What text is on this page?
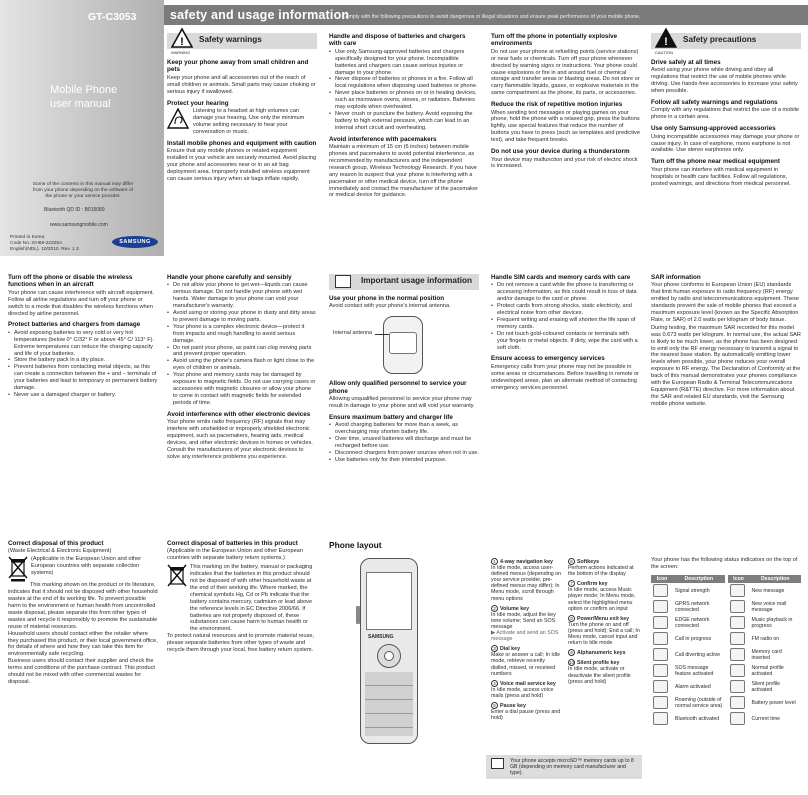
GT-C3053
Mobile Phone
user manual
Some of the contents in this manual may differ
from your phone depending on the software of
the phone or your service provider.
Bluetooth QD ID : B015089
www.samsungmobile.com
Printed in Korea
Code No.:GH68-22326A
English(NDL). 10/2010. Rev. 1.3
SAMSUNG
safety and usage information
Comply with the following precautions to avoid dangerous or illegal situations and ensure peak performance of your mobile phone.
! Safety warnings
WARNING
Keep your phone away from small children and pets

Keep your phone and all accessories out of the reach of small children or animals. Small parts may cause choking or serious injury if swallowed.

Protect your hearing

Listening to a headset at high volumes can damage your hearing. Use only the minimum volume setting necessary to hear your conversation or music.

Install mobile phones and equipment with caution

Ensure that any mobile phones or related equipment installed in your vehicle are securely mounted. Avoid placing your phone and accessories near or in an air bag deployment area. Improperly installed wireless equipment can cause serious injury when air bags inflate rapidly.

Handle and dispose of batteries and chargers with care
• Use only Samsung-approved batteries and chargers specifically designed for your phone. Incompatible batteries and chargers can cause serious injuries or damage to your phone.
• Never dispose of batteries or phones in a fire. Follow all local regulations when disposing used batteries or phone.
• Never place batteries or phones on or in heating devices, such as microwave ovens, stoves, or radiators. Batteries may explode when overheated.
• Never crush or puncture the battery. Avoid exposing the battery to high external pressure, which can lead to an internal short circuit and overheating.
Avoid interference with pacemakers

Maintain a minimum of 15 cm (6 inches) between mobile phones and pacemakers to avoid potential interference, as recommended by manufacturers and the independent research group, Wireless Technology Research. If you have any reason to suspect that your phone is interfering with a pacemaker or other medical device, turn off the phone immediately and contact the manufacturer of the pacemaker or medical device for guidance.

Turn off the phone in potentially explosive environments

Do not use your phone at refuelling points (service stations) or near fuels or chemicals. Turn off your phone whenever directed by warning signs or instructions. Your phone could cause explosions or fire in and around fuel or chemical storage and transfer areas or blasting areas. Do not store or carry flammable liquids, gases, or explosive materials in the same compartment as the phone, its parts, or accessories.

Reduce the risk of repetitive motion injuries

When sending text messages or playing games on your phone, hold the phone with a relaxed grip, press the buttons lightly, use special features that reduce the number of buttons you have to press (such as templates and predictive text), and take frequent breaks.

Do not use your device during a thunderstorm

Your device may malfunction and your risk of electric shock is increased.

! Safety precautions
CAUTION
Drive safely at all times

Avoid using your phone while driving and obey all regulations that restrict the use of mobile phones while driving. Use hands-free accessories to increase your safety when possible.

Follow all safety warnings and regulations

Comply with any regulations that restrict the use of a mobile phone in a certain area.

Use only Samsung-approved accessories

Using incompatible accessories may damage your phone or cause injury. In case of earphone, mono earphone is not available. Use stereo earphones only.

Turn off the phone near medical equipment

Your phone can interfere with medical equipment in hospitals or health care facilities. Follow all regulations, posted warnings, and directions from medical personnel.

Turn off the phone or disable the wireless functions when in an aircraft

Your phone can cause interference with aircraft equipment. Follow all airline regulations and turn off your phone or switch to a mode that disables the wireless functions when directed by airline personnel.

Protect batteries and chargers from damage
• Avoid exposing batteries to very cold or very hot temperatures (below 0° C/32° F or above 45° C/ 113° F). Extreme temperatures can reduce the charging capacity and life of your batteries.
• Store the battery pack in a dry place.
• Prevent batteries from contacting metal objects, as this can create a connection between the + and – terminals of your batteries and lead to temporary or permanent battery damage.
• Never use a damaged charger or battery.
Handle your phone carefully and sensibly
• Do not allow your phone to get wet—liquids can cause serious damage. Do not handle your phone with wet hands. Water damage to your phone can void your manufacturer's warranty.
• Avoid using or storing your phone in dusty and dirty areas to prevent damage to moving parts.
• Your phone is a complex electronic device—protect it from impacts and rough handling to avoid serious damage.
• Do not paint your phone, as paint can clog moving parts and prevent proper operation.
• Avoid using the phone's camera flash or light close to the eyes of children or animals.
• Your phone and memory cards may be damaged by exposure to magnetic fields. Do not use carrying cases or accessories with magnetic closures or allow your phone to come in contact with magnetic fields for extended periods of time.
Avoid interference with other electronic devices

Your phone emits radio frequency (RF) signals that may interfere with unshielded or improperly shielded electronic equipment, such as pacemakers, hearing aids, medical devices, and other electronic devices in homes or vehicles. Consult the manufacturers of your electronic devices to solve any interference problems you experience.

Important usage information
Use your phone in the normal position

Avoid contact with your phone's internal antenna.

Internal antenna
Allow only qualified personnel to service your phone

Allowing unqualified personnel to service your phone may result in damage to your phone and will void your warranty.

Ensure maximum battery and charger life
• Avoid charging batteries for more than a week, as overcharging may shorten battery life.
• Over time, unused batteries will discharge and must be recharged before use.
• Disconnect chargers from power sources when not in use.
• Use batteries only for their intended purpose.
Handle SIM cards and memory cards with care
• Do not remove a card while the phone is transferring or accessing information, as this could result in loss of data and/or damage to the card or phone.
• Protect cards from strong shocks, static electricity, and electrical noise from other devices.
• Frequent writing and erasing will shorten the life span of memory cards.
• Do not touch gold-coloured contacts or terminals with your fingers or metal objects. If dirty, wipe the card with a soft cloth.
Ensure access to emergency services

Emergency calls from your phone may not be possible in some areas or circumstances. Before travelling in remote or undeveloped areas, plan an alternate method of contacting emergency services personnel.

SAR information

Your phone conforms to European Union (EU) standards that limit human exposure to radio frequency (RF) energy emitted by radio and telecommunications equipment. These standards prevent the sale of mobile phones that exceed a maximum exposure level (known as the Specific Absorption Rate, or SAR) of 2.0 watts per kilogram of body tissue.

During testing, the maximum SAR recorded for this model was 0.673 watts per kilogram. In normal use, the actual SAR is likely to be much lower, as the phone has been designed to emit only the RF energy necessary to transmit a signal to the nearest base station. By automatically emitting lower levels when possible, your phone reduces your overall exposure to RF energy. The Declaration of Conformity at the back of this manual demonstrates your phones compliance with the European Radio & Terminal Telecommunications Equipment (R&TTE) directive. For more information about the SAR and related EU standards, visit the Samsung mobile phone website.

Correct disposal of this product

(Waste Electrical & Electronic Equipment)

(Applicable in the European Union and other European countries with separate collection systems)

This marking shown on the product or its literature, indicates that it should not be disposed with other household wastes at the end of its working life. To prevent possible harm to the environment or human health from uncontrolled waste disposal, please separate this from other types of wastes and recycle it responsibly to promote the sustainable reuse of material resources.

Household users should contact either the retailer where they purchased this product, or their local government office, for details of where and how they can take this item for environmentally safe recycling.

Business users should contact their supplier and check the terms and conditions of the purchase contract. This product should not be mixed with other commercial wastes for disposal.

Correct disposal of batteries in this product

(Applicable in the European Union and other European countries with separate battery return systems.)

This marking on the battery, manual or packaging indicates that the batteries in this product should not be disposed of with other household waste at the end of their working life. Where marked, the chemical symbols Hg, Cd or Pb indicate that the battery contains mercury, cadmium or lead above the reference levels in EC Directive 2006/66. If batteries are not properly disposed of, these substances can cause harm to human health or the environment.

To protect natural resources and to promote material reuse, please separate batteries from other types of waste and recycle them through your local, free battery return system.

Phone layout
SAMSUNG
1 4-way navigation key
In Idle mode, access user-defined menus (depending on your service provider, pre-defined menus may differ); In Menu mode, scroll through menu options
2 Volume key
In Idle mode, adjust the key tone volume; Send an SOS message
▶ Activate and send an SOS message
3 Dial key
Make or answer a call; In Idle mode, retrieve recently dialled, missed, or received numbers
4 Voice mail service key
In Idle mode, access voice mails (press and hold)
5 Pause key
Enter a dial pause (press and hold)
6 Softkeys
Perform actions indicated at the bottom of the display
7 Confirm key
In Idle mode, access Music player mode; In Menu mode, select the highlighted menu option or confirm an input
8 Power/Menu exit key
Turn the phone on and off (press and hold); End a call; In Menu mode, cancel input and return to Idle mode
9 Alphanumeric keys
10 Silent profile key
In Idle mode, activate or deactivate the silent profile (press and hold)
Your phone accepts microSD™ memory cards up to 8 GB (depending on memory card manufacturer and type).

Your phone has the following status indicators on the top of the screen:

Icon	Description
	Signal strength
	GPRS network connected
	EDGE network connected
	Call in progress
	Call diverting active
	SOS message feature activated
	Alarm activated
	Roaming (outside of normal service area)
	Bluetooth activated
Icon	Description
	New message
	New voice mail message
	Music playback in progress
	FM radio on
	Memory card inserted
	Normal profile activated
	Silent profile activated
	Battery power level
	Current time
